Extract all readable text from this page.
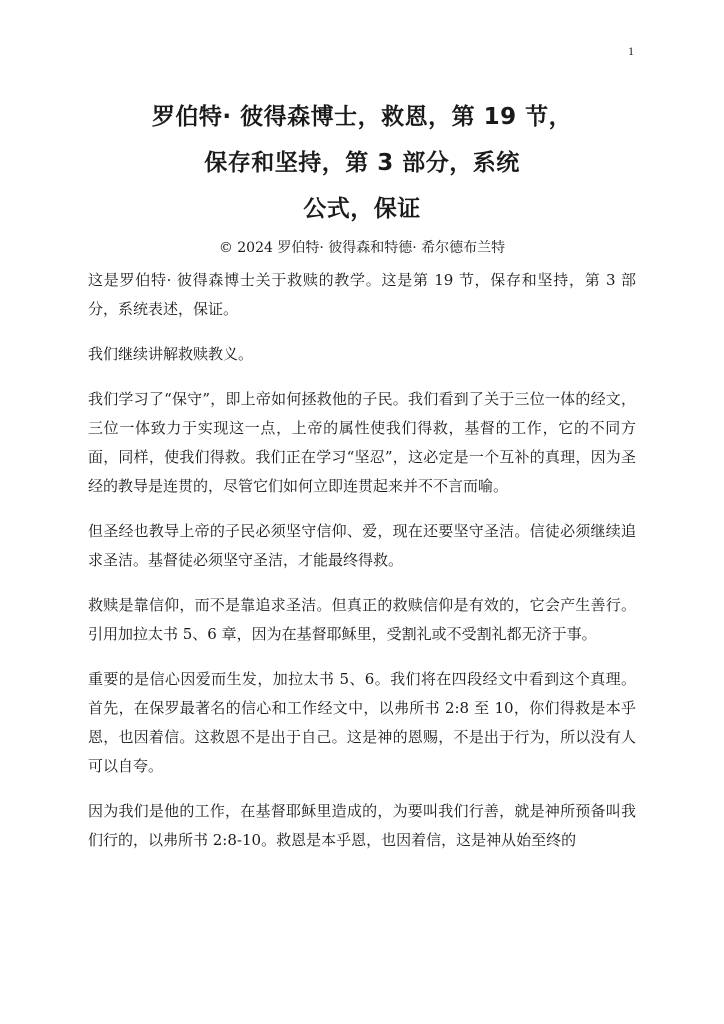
1
罗伯特· 彼得森博士，救恩，第 19 节，
保存和坚持，第 3 部分，系统
公式，保证
© 2024 罗伯特· 彼得森和特德· 希尔德布兰特

这是罗伯特· 彼得森博士关于救赎的教学。这是第 19 节，保存和坚持，第 3 部分，系统表述，保证。

我们继续讲解救赎教义。

我们学习了“保守”，即上帝如何拯救他的子民。我们看到了关于三位一体的经文，三位一体致力于实现这一点，上帝的属性使我们得救，基督的工作，它的不同方面，同样，使我们得救。我们正在学习“坚忍”，这必定是一个互补的真理，因为圣经的教导是连贯的，尽管它们如何立即连贯起来并不不言而喻。

但圣经也教导上帝的子民必须坚守信仰、爱，现在还要坚守圣洁。信徒必须继续追求圣洁。基督徒必须坚守圣洁，才能最终得救。

救赎是靠信仰，而不是靠追求圣洁。但真正的救赎信仰是有效的，它会产生善行。引用加拉太书 5、6 章，因为在基督耶稣里，受割礼或不受割礼都无济于事。

重要的是信心因爱而生发，加拉太书 5、6。我们将在四段经文中看到这个真理。首先，在保罗最著名的信心和工作经文中，以弗所书 2:8 至 10，你们得救是本乎恩，也因着信。这救恩不是出于自己。这是神的恩赐，不是出于行为，所以没有人可以自夸。

因为我们是他的工作，在基督耶稣里造成的，为要叫我们行善，就是神所预备叫我们行的，以弗所书 2:8-10。救恩是本乎恩，也因着信，这是神从始至终的
